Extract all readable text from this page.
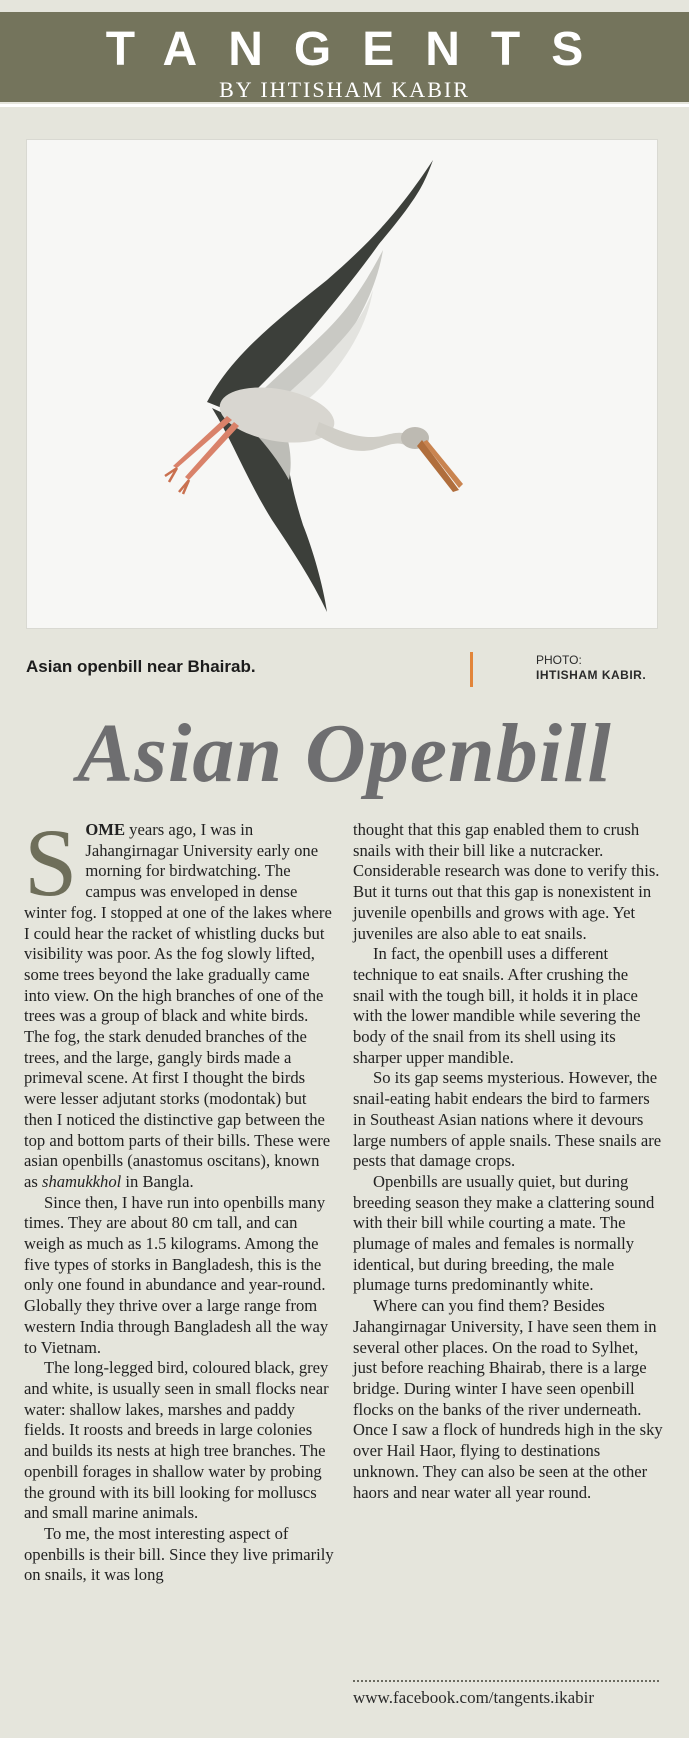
TANGENTS
BY IHTISHAM KABIR
Asian openbill near Bhairab.	PHOTO:
IHTISHAM KABIR.
Asian Openbill

SOME years ago, I was in Jahangirnagar University early one morning for birdwatching. The campus was enveloped in dense winter fog. I stopped at one of the lakes where I could hear the racket of whistling ducks but visibility was poor. As the fog slowly lifted, some trees beyond the lake gradually came into view. On the high branches of one of the trees was a group of black and white birds. The fog, the stark denuded branches of the trees, and the large, gangly birds made a primeval scene. At first I thought the birds were lesser adjutant storks (modontak) but then I noticed the distinctive gap between the top and bottom parts of their bills. These were asian openbills (anastomus oscitans), known as shamukkhol in Bangla.

Since then, I have run into openbills many times. They are about 80 cm tall, and can weigh as much as 1.5 kilograms. Among the five types of storks in Bangladesh, this is the only one found in abundance and year-round. Globally they thrive over a large range from western India through Bangladesh all the way to Vietnam.

The long-legged bird, coloured black, grey and white, is usually seen in small flocks near water: shallow lakes, marshes and paddy fields. It roosts and breeds in large colonies and builds its nests at high tree branches. The openbill forages in shallow water by probing the ground with its bill looking for molluscs and small marine animals.

To me, the most interesting aspect of openbills is their bill. Since they live primarily on snails, it was long

thought that this gap enabled them to crush snails with their bill like a nutcracker. Considerable research was done to verify this. But it turns out that this gap is nonexistent in juvenile openbills and grows with age. Yet juveniles are also able to eat snails.

In fact, the openbill uses a different technique to eat snails. After crushing the snail with the tough bill, it holds it in place with the lower mandible while severing the body of the snail from its shell using its sharper upper mandible.

So its gap seems mysterious. However, the snail-eating habit endears the bird to farmers in Southeast Asian nations where it devours large numbers of apple snails. These snails are pests that damage crops.

Openbills are usually quiet, but during breeding season they make a clattering sound with their bill while courting a mate. The plumage of males and females is normally identical, but during breeding, the male plumage turns predominantly white.

Where can you find them? Besides Jahangirnagar University, I have seen them in several other places. On the road to Sylhet, just before reaching Bhairab, there is a large bridge. During winter I have seen openbill flocks on the banks of the river underneath. Once I saw a flock of hundreds high in the sky over Hail Haor, flying to destinations unknown. They can also be seen at the other haors and near water all year round.

www.facebook.com/tangents.ikabir
